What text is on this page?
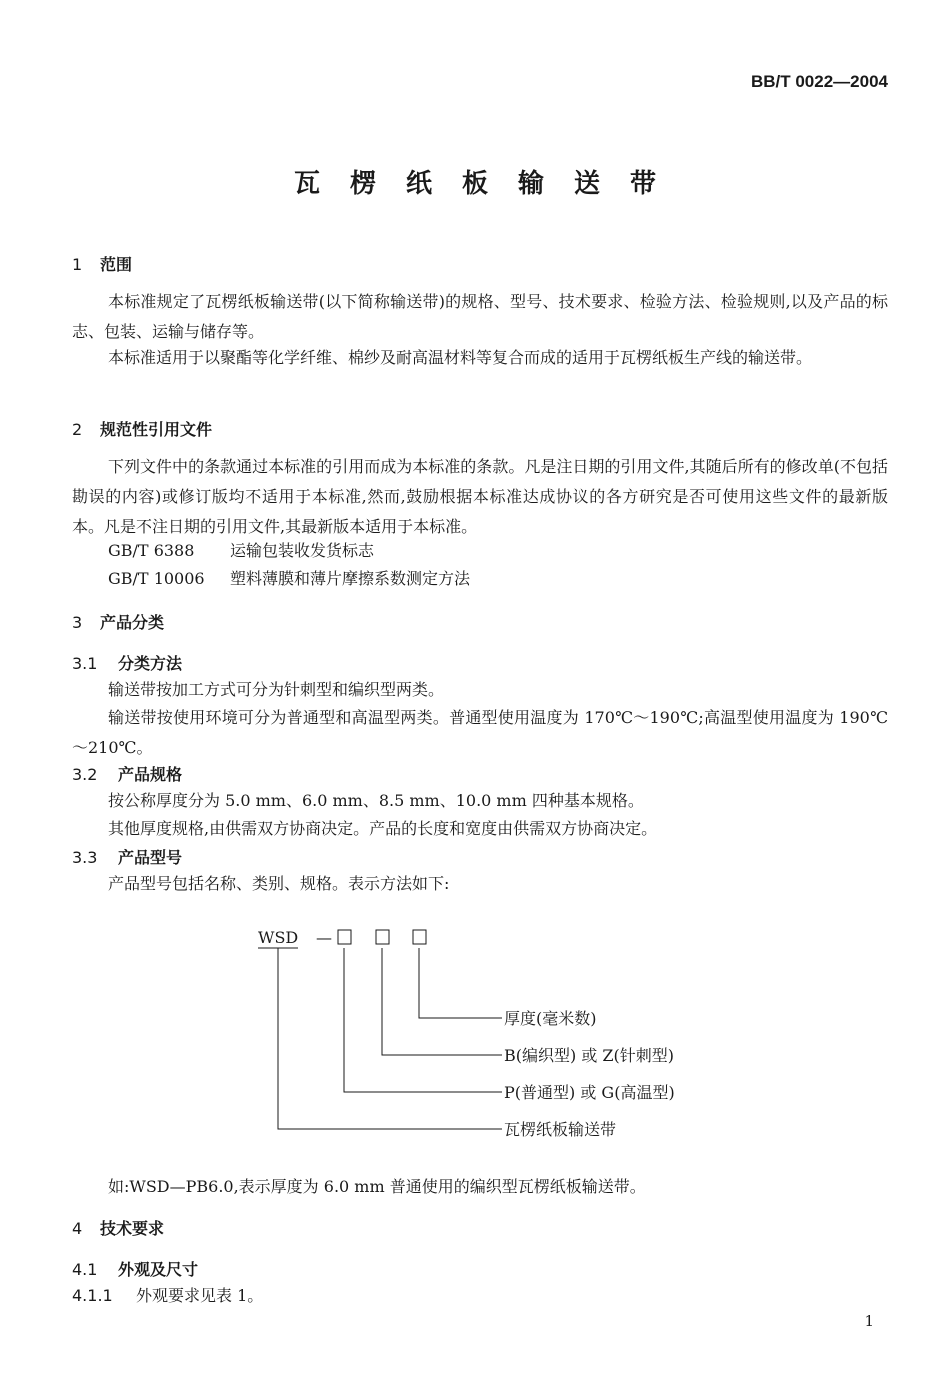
BB/T 0022—2004
瓦楞纸板输送带
1 范围
本标准规定了瓦楞纸板输送带(以下简称输送带)的规格、型号、技术要求、检验方法、检验规则,以及产品的标志、包装、运输与储存等。
本标准适用于以聚酯等化学纤维、棉纱及耐高温材料等复合而成的适用于瓦楞纸板生产线的输送带。
2 规范性引用文件
下列文件中的条款通过本标准的引用而成为本标准的条款。凡是注日期的引用文件,其随后所有的修改单(不包括勘误的内容)或修订版均不适用于本标准,然而,鼓励根据本标准达成协议的各方研究是否可使用这些文件的最新版本。凡是不注日期的引用文件,其最新版本适用于本标准。
GB/T 6388 运输包装收发货标志
GB/T 10006 塑料薄膜和薄片摩擦系数测定方法
3 产品分类
3.1 分类方法
输送带按加工方式可分为针刺型和编织型两类。
输送带按使用环境可分为普通型和高温型两类。普通型使用温度为 170℃～190℃;高温型使用温度为 190℃～210℃。
3.2 产品规格
按公称厚度分为 5.0 mm、6.0 mm、8.5 mm、10.0 mm 四种基本规格。
其他厚度规格,由供需双方协商决定。产品的长度和宽度由供需双方协商决定。
3.3 产品型号
产品型号包括名称、类别、规格。表示方法如下:
WSD —
厚度(毫米数)
B(编织型) 或 Z(针刺型)
P(普通型) 或 G(高温型)
瓦楞纸板输送带
如:WSD—PB6.0,表示厚度为 6.0 mm 普通使用的编织型瓦楞纸板输送带。
4 技术要求
4.1 外观及尺寸
4.1.1 外观要求见表 1。
1
